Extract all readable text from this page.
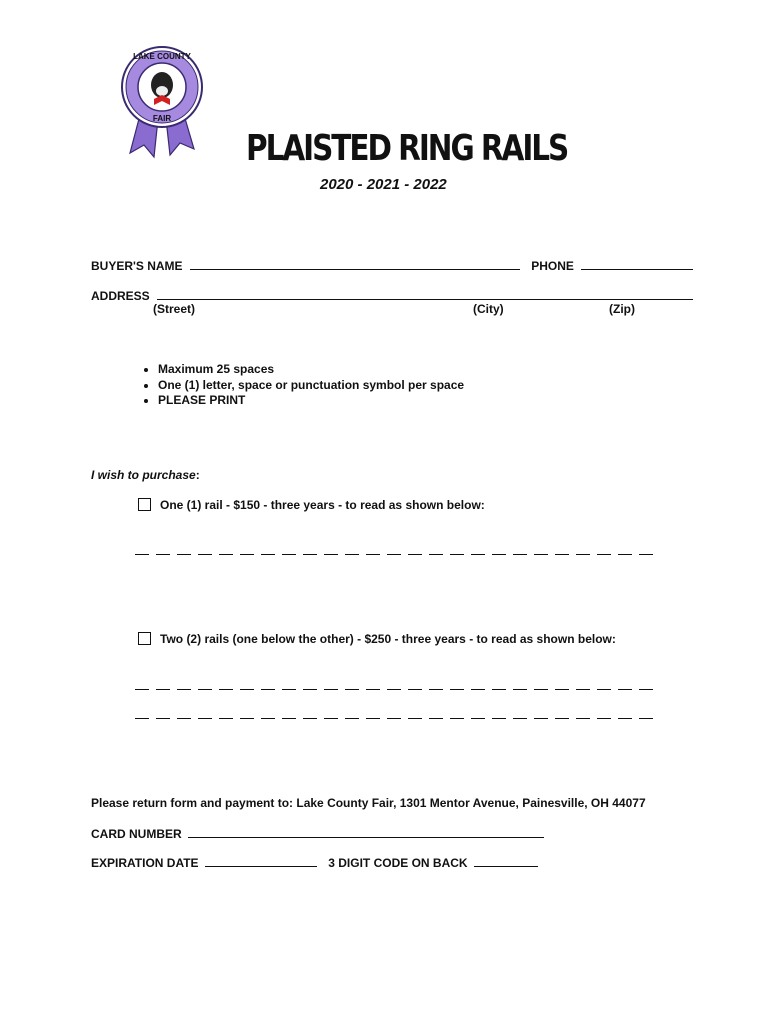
LAKE COUNTY
FAIR
PLAISTED RING RAILS
2020 - 2021 - 2022
BUYER'S NAME	PHONE
ADDRESS
(Street)	(City)	(Zip)
• Maximum 25 spaces
• One (1) letter, space or punctuation symbol per space
• PLEASE PRINT
I wish to purchase:
One (1) rail - $150 - three years - to read as shown below:
Two (2) rails (one below the other) - $250 - three years - to read as shown below:
Please return form and payment to: Lake County Fair, 1301 Mentor Avenue, Painesville, OH 44077
CARD NUMBER
EXPIRATION DATE	3 DIGIT CODE ON BACK
